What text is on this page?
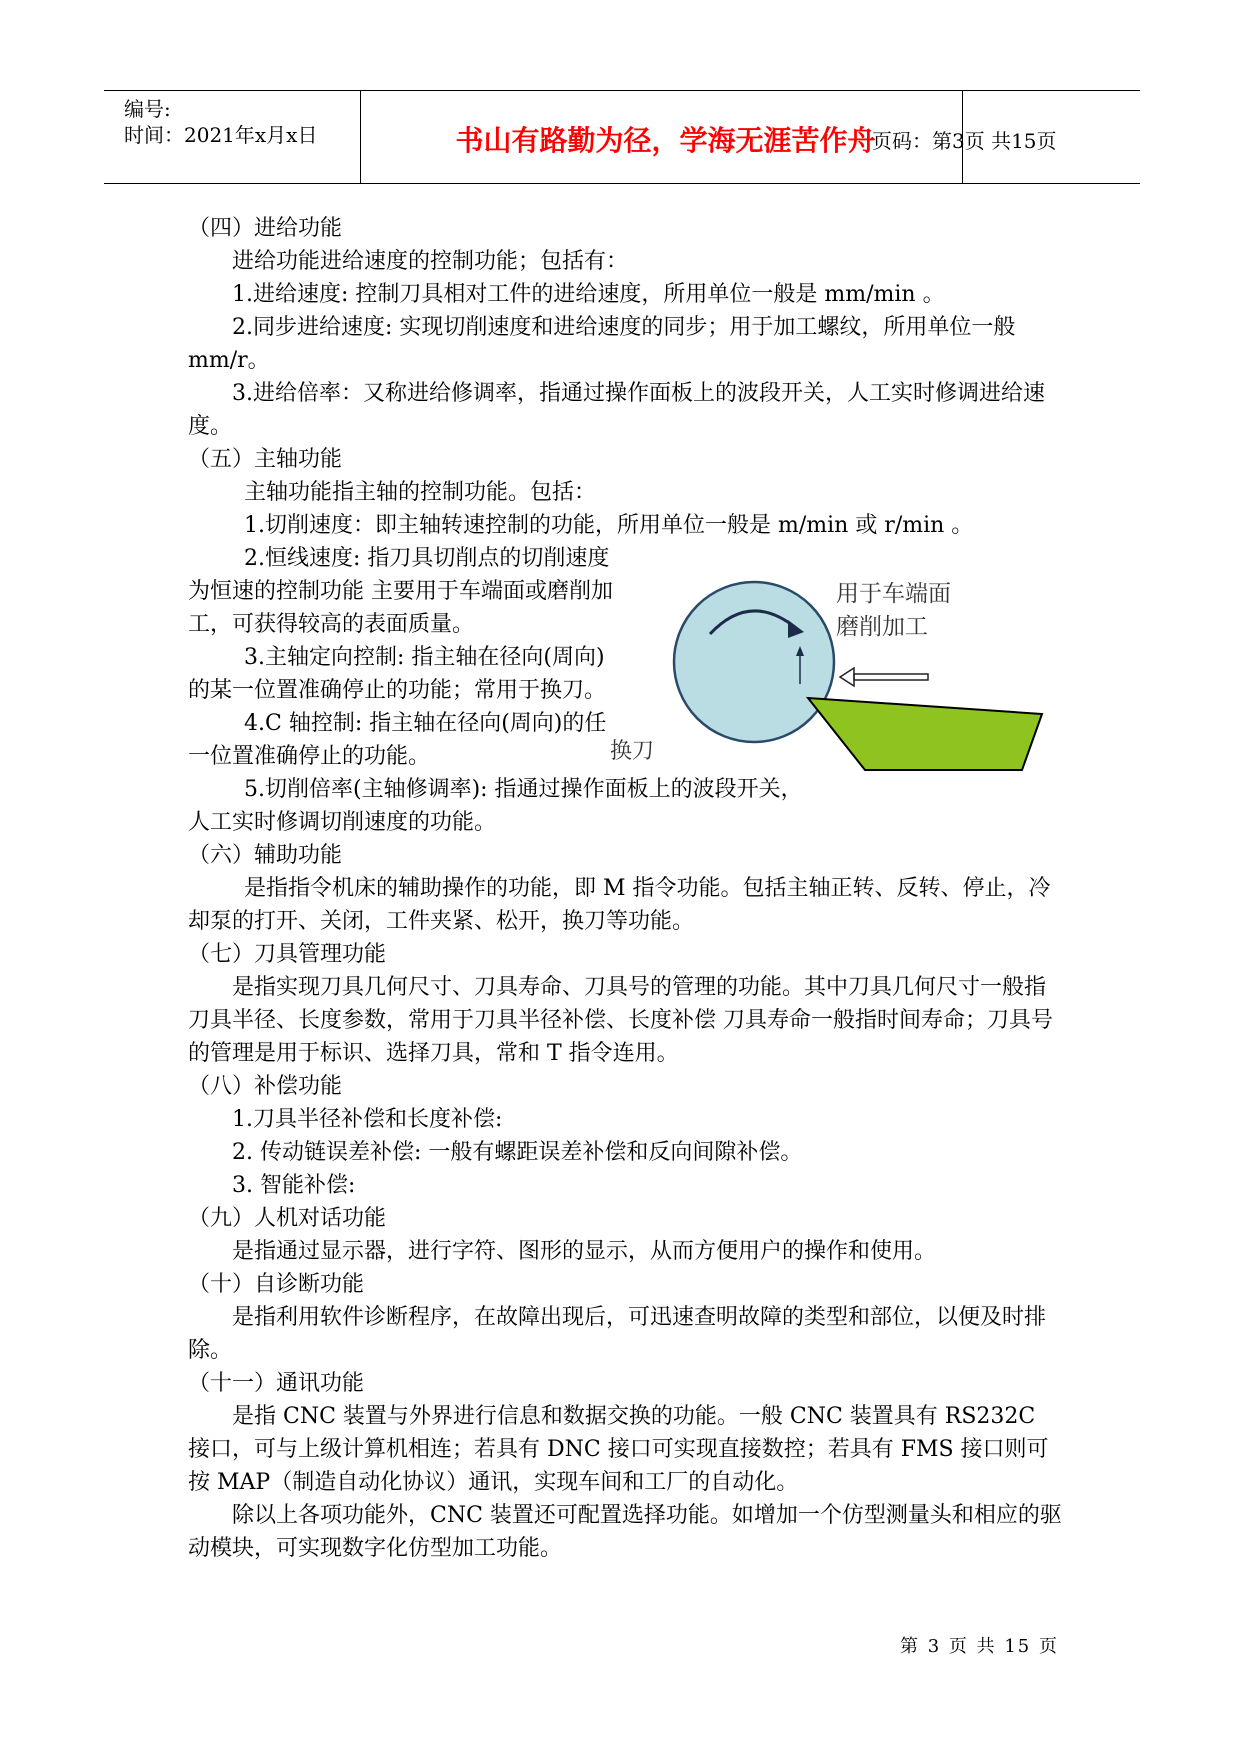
编号:
时间：2021年x月x日	书山有路勤为径，学海无涯苦作舟
页码：第3页 共15页

（四）进给功能

进给功能进给速度的控制功能；包括有：

1.进给速度: 控制刀具相对工件的进给速度，所用单位一般是 mm/min 。

2.同步进给速度: 实现切削速度和进给速度的同步；用于加工螺纹，所用单位一般 mm/r。

3.进给倍率：又称进给修调率，指通过操作面板上的波段开关，人工实时修调进给速度。

（五）主轴功能

主轴功能指主轴的控制功能。包括：

1.切削速度：即主轴转速控制的功能，所用单位一般是 m/min 或 r/min 。

2.恒线速度: 指刀具切削点的切削速度为恒速的控制功能 主要用于车端面或磨削加工，可获得较高的表面质量。

3.主轴定向控制: 指主轴在径向(周向)的某一位置准确停止的功能；常用于换刀。

4.C 轴控制: 指主轴在径向(周向)的任一位置准确停止的功能。

5.切削倍率(主轴修调率): 指通过操作面板上的波段开关，

人工实时修调切削速度的功能。

（六）辅助功能

是指指令机床的辅助操作的功能，即 M 指令功能。包括主轴正转、反转、停止，冷却泵的打开、关闭，工件夹紧、松开，换刀等功能。

（七）刀具管理功能

是指实现刀具几何尺寸、刀具寿命、刀具号的管理的功能。其中刀具几何尺寸一般指刀具半径、长度参数，常用于刀具半径补偿、长度补偿 刀具寿命一般指时间寿命；刀具号的管理是用于标识、选择刀具，常和 T 指令连用。

（八）补偿功能

1.刀具半径补偿和长度补偿:

2. 传动链误差补偿: 一般有螺距误差补偿和反向间隙补偿。

3. 智能补偿:

（九）人机对话功能

是指通过显示器，进行字符、图形的显示，从而方便用户的操作和使用。

（十）自诊断功能

是指利用软件诊断程序，在故障出现后，可迅速查明故障的类型和部位，以便及时排除。

（十一）通讯功能

是指 CNC 装置与外界进行信息和数据交换的功能。一般 CNC 装置具有 RS232C 接口，可与上级计算机相连；若具有 DNC 接口可实现直接数控；若具有 FMS 接口则可按 MAP（制造自动化协议）通讯，实现车间和工厂的自动化。

除以上各项功能外，CNC 装置还可配置选择功能。如增加一个仿型测量头和相应的驱动模块，可实现数字化仿型加工功能。

用于车端面
磨削加工
换刀
第 3 页 共 15 页
